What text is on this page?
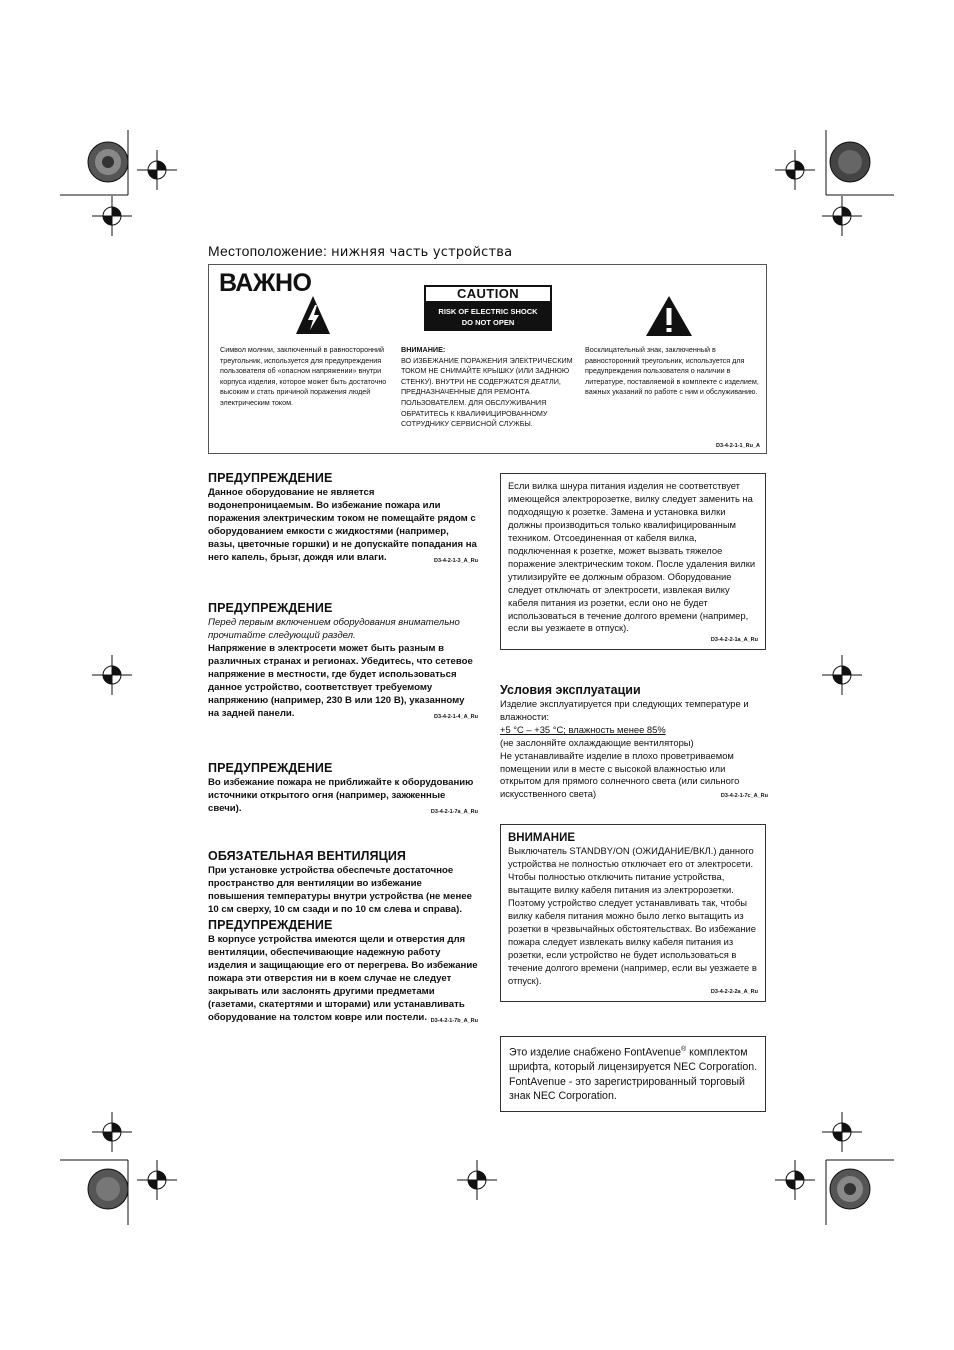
Местоположение: нижняя часть устройства
ВАЖНО	CAUTION
RISK OF ELECTRIC SHOCK
DO NOT OPEN
Символ молнии, заключенный в равносторонний треугольник, используется для предупреждения пользователя об «опасном напряжении» внутри корпуса изделия, которое может быть достаточно высоким и стать причиной поражения людей электрическим током.
ВНИМАНИЕ:
ВО ИЗБЕЖАНИЕ ПОРАЖЕНИЯ ЭЛЕКТРИЧЕСКИМ ТОКОМ НЕ СНИМАЙТЕ КРЫШКУ (ИЛИ ЗАДНЮЮ СТЕНКУ). ВНУТРИ НЕ СОДЕРЖАТСЯ ДЕАТЛИ, ПРЕДНАЗНАЧЕННЫЕ ДЛЯ РЕМОНТА ПОЛЬЗОВАТЕЛЕМ. ДЛЯ ОБСЛУЖИВАНИЯ ОБРАТИТЕСЬ К КВАЛИФИЦИРОВАННОМУ СОТРУДНИКУ СЕРВИСНОЙ СЛУЖБЫ.
Восклицательный знак, заключенный в равносторонний треугольник, используется для предупреждения пользователя о наличии в литературе, поставляемой в комплекте с изделием, важных указаний по работе с ним и обслуживанию.
D3-4-2-1-1_Ru_A
ПРЕДУПРЕЖДЕНИЕ
Данное оборудование не является водонепроницаемым. Во избежание пожара или поражения электрическим током не помещайте рядом с оборудованием емкости с жидкостями (например, вазы, цветочные горшки) и не допускайте попадания на него капель, брызг, дождя или влаги.	D3-4-2-1-3_A_Ru
ПРЕДУПРЕЖДЕНИЕ
Перед первым включением оборудования внимательно прочитайте следующий раздел.
Напряжение в электросети может быть разным в различных странах и регионах. Убедитесь, что сетевое напряжение в местности, где будет использоваться данное устройство, соответствует требуемому напряжению (например, 230 В или 120 В), указанному на задней панели.	D3-4-2-1-4_A_Ru
ПРЕДУПРЕЖДЕНИЕ
Во избежание пожара не приближайте к оборудованию источники открытого огня (например, зажженные свечи).	D3-4-2-1-7a_A_Ru
ОБЯЗАТЕЛЬНАЯ ВЕНТИЛЯЦИЯ
При установке устройства обеспечьте достаточное пространство для вентиляции во избежание повышения температуры внутри устройства (не менее 10 см сверху, 10 см сзади и по 10 см слева и справа).
ПРЕДУПРЕЖДЕНИЕ
В корпусе устройства имеются щели и отверстия для вентиляции, обеспечивающие надежную работу изделия и защищающие его от перегрева. Во избежание пожара эти отверстия ни в коем случае не следует закрывать или заслонять другими предметами (газетами, скатертями и шторами) или устанавливать оборудование на толстом ковре или постели. D3-4-2-1-7b_A_Ru
Если вилка шнура питания изделия не соответствует имеющейся электророзетке, вилку следует заменить на подходящую к розетке. Замена и установка вилки должны производиться только квалифицированным техником. Отсоединенная от кабеля вилка, подключенная к розетке, может вызвать тяжелое поражение электрическим током. После удаления вилки утилизируйте ее должным образом. Оборудование следует отключать от электросети, извлекая вилку кабеля питания из розетки, если оно не будет использоваться в течение долгого времени (например, если вы уезжаете в отпуск).
D3-4-2-2-1a_A_Ru
Условия эксплуатации
Изделие эксплуатируется при следующих температуре и влажности:
+5 °C – +35 °C; влажность менее 85%
(не заслоняйте охлаждающие вентиляторы)
Не устанавливайте изделие в плохо проветриваемом помещении или в месте с высокой влажностью или открытом для прямого солнечного света (или сильного искусственного света)	D3-4-2-1-7c_A_Ru
ВНИМАНИЕ
Выключатель STANDBY/ON (ОЖИДАНИЕ/ВКЛ.) данного устройства не полностью отключает его от электросети. Чтобы полностью отключить питание устройства, вытащите вилку кабеля питания из электророзетки. Поэтому устройство следует устанавливать так, чтобы вилку кабеля питания можно было легко вытащить из розетки в чрезвычайных обстоятельствах. Во избежание пожара следует извлекать вилку кабеля питания из розетки, если устройство не будет использоваться в течение долгого времени (например, если вы уезжаете в отпуск).
D3-4-2-2-2a_A_Ru
Это изделие снабжено FontAvenue® комплектом шрифта, который лицензируется NEC Corporation. FontAvenue - это зарегистрированный торговый знак NEC Corporation.
